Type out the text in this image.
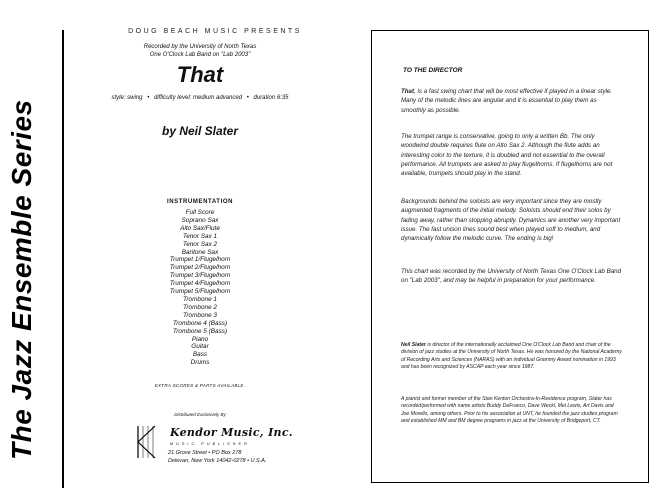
The Jazz Ensemble Series
DOUG BEACH MUSIC PRESENTS
Recorded by the University of North Texas
One O'Clock Lab Band on "Lab 2003"
That
style: swing • difficulty level: medium advanced • duration 6:35
by Neil Slater
INSTRUMENTATION
Full Score
Soprano Sax
Alto Sax/Flute
Tenor Sax 1
Tenor Sax 2
Baritone Sax
Trumpet 1/Flugelhorn
Trumpet 2/Flugelhorn
Trumpet 3/Flugelhorn
Trumpet 4/Flugelhorn
Trumpet 5/Flugelhorn
Trombone 1
Trombone 2
Trombone 3
Trombone 4 (Bass)
Trombone 5 (Bass)
Piano
Guitar
Bass
Drums
EXTRA SCORES & PARTS AVAILABLE.
Distributed Exclusively By
Kendor Music, Inc.
MUSIC PUBLISHER
21 Grove Street • PO Box 278
Delevan, New York 14042-0278 • U.S.A.
TO THE DIRECTOR

That, is a fast swing chart that will be most effective if played in a linear style. Many of the melodic lines are angular and it is essential to play them as smoothly as possible.

The trumpet range is conservative, going to only a written Bb. The only woodwind double requires flute on Alto Sax 2. Although the flute adds an interesting color to the texture, it is doubled and not essential to the overall performance. All trumpets are asked to play flugelhorns. If flugelhorns are not available, trumpets should play in the stand.

Backgrounds behind the soloists are very important since they are mostly augmented fragments of the initial melody. Soloists should end their solos by fading away, rather than stopping abruptly. Dynamics are another very important issue. The fast unison lines sound best when played soft to medium, and dynamically follow the melodic curve. The ending is big!

This chart was recorded by the University of North Texas One O'Clock Lab Band on "Lab 2003", and may be helpful in preparation for your performance.

Neil Slater is director of the internationally acclaimed One O'Clock Lab Band and chair of the division of jazz studies at the University of North Texas. He was honored by the National Academy of Recording Arts and Sciences (NARAS) with an individual Grammy Award nomination in 1993 and has been recognized by ASCAP each year since 1987.

A pianist and former member of the Stan Kenton Orchestra-In-Residence program, Slater has recorded/performed with name artists Buddy DeFranco, Dave Weckl, Mel Lewis, Art Davis and Joe Morello, among others. Prior to his association at UNT, he founded the jazz studies program and established MM and BM degree programs in jazz at the University of Bridgeport, CT.
